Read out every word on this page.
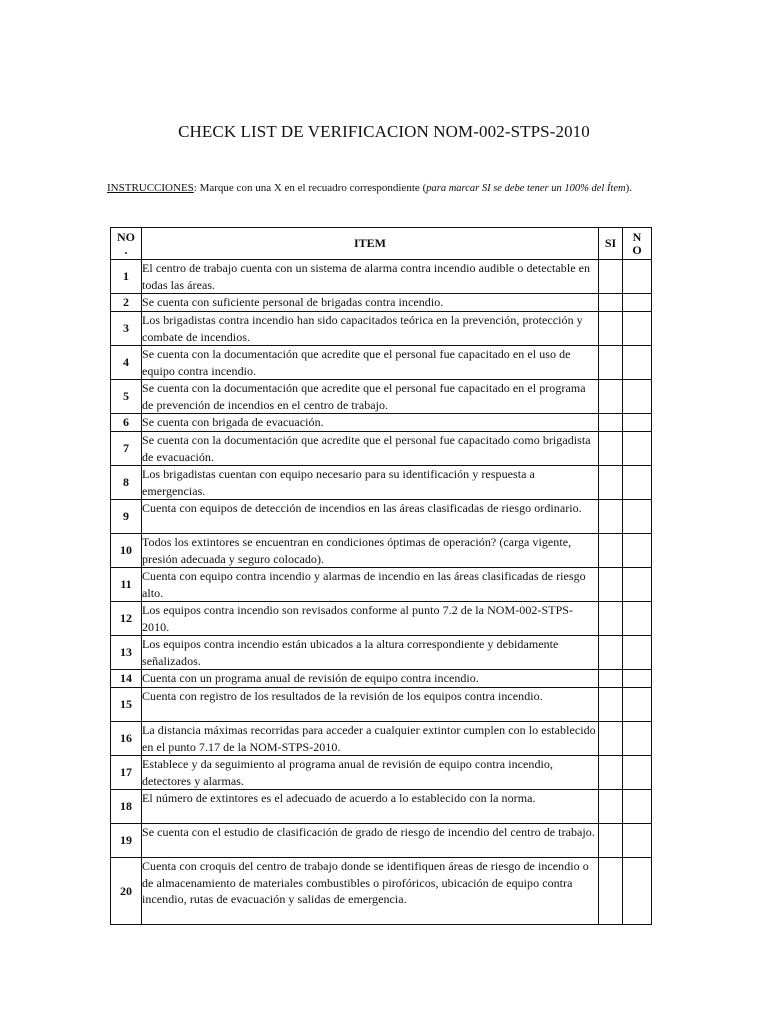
CHECK LIST DE VERIFICACION NOM-002-STPS-2010
INSTRUCCIONES: Marque con una X en el recuadro correspondiente (para marcar SI se debe tener un 100% del Ítem).
NO
.	ITEM	SI	N
O

1	El centro de trabajo cuenta con un sistema de alarma contra incendio audible o detectable en todas las áreas.		
2	Se cuenta con suficiente personal de brigadas contra incendio.		
3	Los brigadistas contra incendio han sido capacitados teórica en la prevención, protección y combate de incendios.		
4	Se cuenta con la documentación que acredite que el personal fue capacitado en el uso de equipo contra incendio.		
5	Se cuenta con la documentación que acredite que el personal fue capacitado en el programa de prevención de incendios en el centro de trabajo.		
6	Se cuenta con brigada de evacuación.		
7	Se cuenta con la documentación que acredite que el personal fue capacitado como brigadista de evacuación.		
8	Los brigadistas cuentan con equipo necesario para su identificación y respuesta a emergencias.		
9	Cuenta con equipos de detección de incendios en las áreas clasificadas de riesgo ordinario.		
10	Todos los extintores se encuentran en condiciones óptimas de operación? (carga vigente, presión adecuada y seguro colocado).		
11	Cuenta con equipo contra incendio y alarmas de incendio en las áreas clasificadas de riesgo alto.		
12	Los equipos contra incendio son revisados conforme al punto 7.2 de la NOM-002-STPS-2010.		
13	Los equipos contra incendio están ubicados a la altura correspondiente y debidamente señalizados.		
14	Cuenta con un programa anual de revisión de equipo contra incendio.		
15	Cuenta con registro de los resultados de la revisión de los equipos contra incendio.		
16	La distancia máximas recorridas para acceder a cualquier extintor cumplen con lo establecido en el punto 7.17 de la NOM-STPS-2010.		
17	Establece y da seguimiento al programa anual de revisión de equipo contra incendio, detectores y alarmas.		
18	El número de extintores es el adecuado de acuerdo a lo establecido con la norma.		
19	Se cuenta con el estudio de clasificación de grado de riesgo de incendio del centro de trabajo.		
20	Cuenta con croquis del centro de trabajo donde se identifiquen áreas de riesgo de incendio o de almacenamiento de materiales combustibles o pirofóricos, ubicación de equipo contra incendio, rutas de evacuación y salidas de emergencia.		
